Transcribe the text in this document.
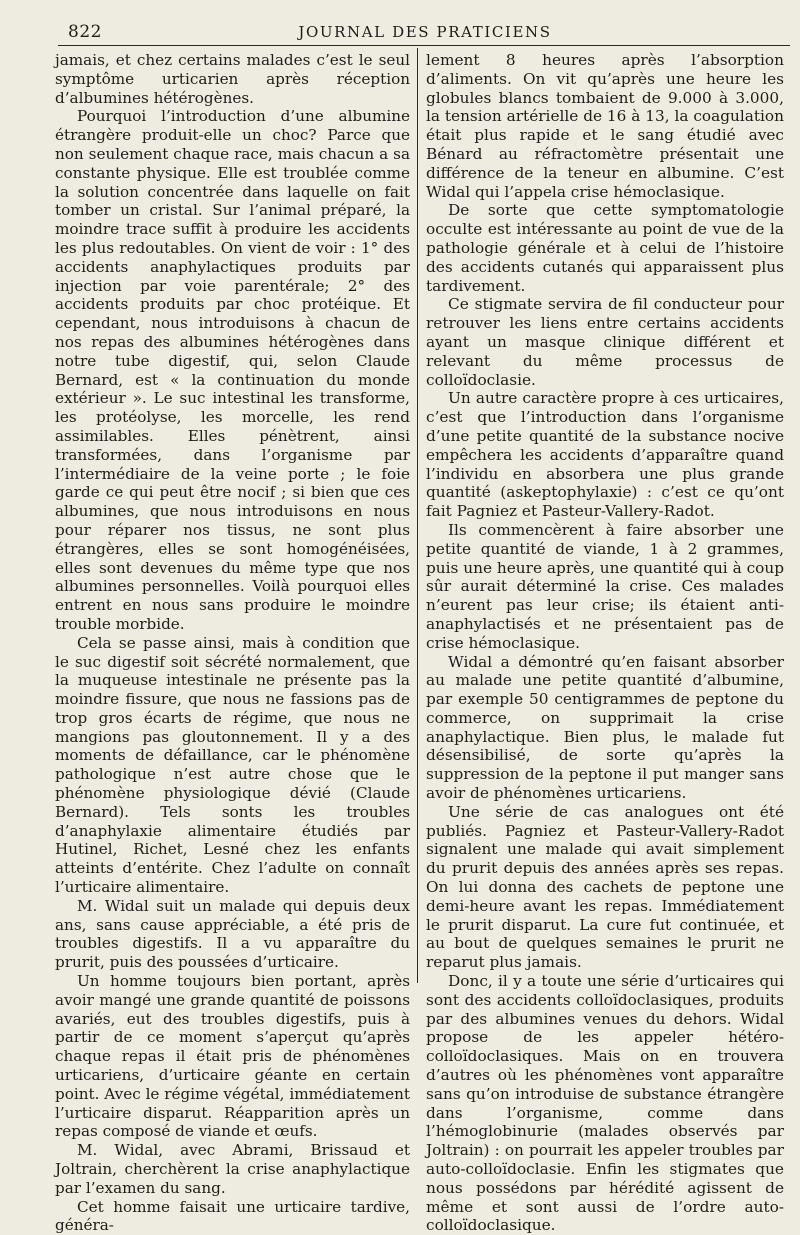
822	JOURNAL DES PRATICIENS

jamais, et chez certains malades c’est le seul symptôme urticarien après réception d’albumines hétérogènes.

Pourquoi l’introduction d’une albumine étrangère produit-elle un choc? Parce que non seulement chaque race, mais chacun a sa constante physique. Elle est troublée comme la solution concentrée dans laquelle on fait tomber un cristal. Sur l’animal préparé, la moindre trace suffit à produire les accidents les plus redoutables. On vient de voir : 1° des accidents anaphylactiques produits par injection par voie parentérale; 2° des accidents produits par choc protéique. Et cependant, nous introduisons à chacun de nos repas des albumines hétérogènes dans notre tube digestif, qui, selon Claude Bernard, est « la continuation du monde extérieur ». Le suc intestinal les transforme, les protéolyse, les morcelle, les rend assimilables. Elles pénètrent, ainsi transformées, dans l’organisme par l’intermédiaire de la veine porte ; le foie garde ce qui peut être nocif ; si bien que ces albumines, que nous introduisons en nous pour réparer nos tissus, ne sont plus étrangères, elles se sont homogénéisées, elles sont devenues du même type que nos albumines personnelles. Voilà pourquoi elles entrent en nous sans produire le moindre trouble morbide.

Cela se passe ainsi, mais à condition que le suc digestif soit sécrété normalement, que la muqueuse intestinale ne présente pas la moindre fissure, que nous ne fassions pas de trop gros écarts de régime, que nous ne mangions pas gloutonnement. Il y a des moments de défaillance, car le phénomène pathologique n’est autre chose que le phénomène physiologique dévié (Claude Bernard). Tels sonts les troubles d’anaphylaxie alimentaire étudiés par Hutinel, Richet, Lesné chez les enfants atteints d’entérite. Chez l’adulte on connaît l’urticaire alimentaire.

M. Widal suit un malade qui depuis deux ans, sans cause appréciable, a été pris de troubles digestifs. Il a vu apparaître du prurit, puis des poussées d’urticaire.

Un homme toujours bien portant, après avoir mangé une grande quantité de poissons avariés, eut des troubles digestifs, puis à partir de ce moment s’aperçut qu’après chaque repas il était pris de phénomènes urticariens, d’urticaire géante en certain point. Avec le régime végétal, immédiatement l’urticaire disparut. Réapparition après un repas composé de viande et œufs.

M. Widal, avec Abrami, Brissaud et Joltrain, cherchèrent la crise anaphylactique par l’examen du sang.

Cet homme faisait une urticaire tardive, généra-

lement 8 heures après l’absorption d’aliments. On vit qu’après une heure les globules blancs tombaient de 9.000 à 3.000, la tension artérielle de 16 à 13, la coagulation était plus rapide et le sang étudié avec Bénard au réfractomètre présentait une différence de la teneur en albumine. C’est Widal qui l’appela crise hémoclasique.

De sorte que cette symptomatologie occulte est intéressante au point de vue de la pathologie générale et à celui de l’histoire des accidents cutanés qui apparaissent plus tardivement.

Ce stigmate servira de fil conducteur pour retrouver les liens entre certains accidents ayant un masque clinique différent et relevant du même processus de colloïdoclasie.

Un autre caractère propre à ces urticaires, c’est que l’introduction dans l’organisme d’une petite quantité de la substance nocive empêchera les accidents d’apparaître quand l’individu en absorbera une plus grande quantité (askeptophylaxie) : c’est ce qu’ont fait Pagniez et Pasteur-Vallery-Radot.

Ils commencèrent à faire absorber une petite quantité de viande, 1 à 2 grammes, puis une heure après, une quantité qui à coup sûr aurait déterminé la crise. Ces malades n’eurent pas leur crise; ils étaient anti-anaphylactisés et ne présentaient pas de crise hémoclasique.

Widal a démontré qu’en faisant absorber au malade une petite quantité d’albumine, par exemple 50 centigrammes de peptone du commerce, on supprimait la crise anaphylactique. Bien plus, le malade fut désensibilisé, de sorte qu’après la suppression de la peptone il put manger sans avoir de phénomènes urticariens.

Une série de cas analogues ont été publiés. Pagniez et Pasteur-Vallery-Radot signalent une malade qui avait simplement du prurit depuis des années après ses repas. On lui donna des cachets de peptone une demi-heure avant les repas. Immédiatement le prurit disparut. La cure fut continuée, et au bout de quelques semaines le prurit ne reparut plus jamais.

Donc, il y a toute une série d’urticaires qui sont des accidents colloïdoclasiques, produits par des albumines venues du dehors. Widal propose de les appeler hétéro-colloïdoclasiques. Mais on en trouvera d’autres où les phénomènes vont apparaître sans qu’on introduise de substance étrangère dans l’organisme, comme dans l’hémoglobinurie (malades observés par Joltrain) : on pourrait les appeler troubles par auto-colloïdoclasie. Enfin les stigmates que nous possédons par hérédité agissent de même et sont aussi de l’ordre auto-colloïdoclasique.
